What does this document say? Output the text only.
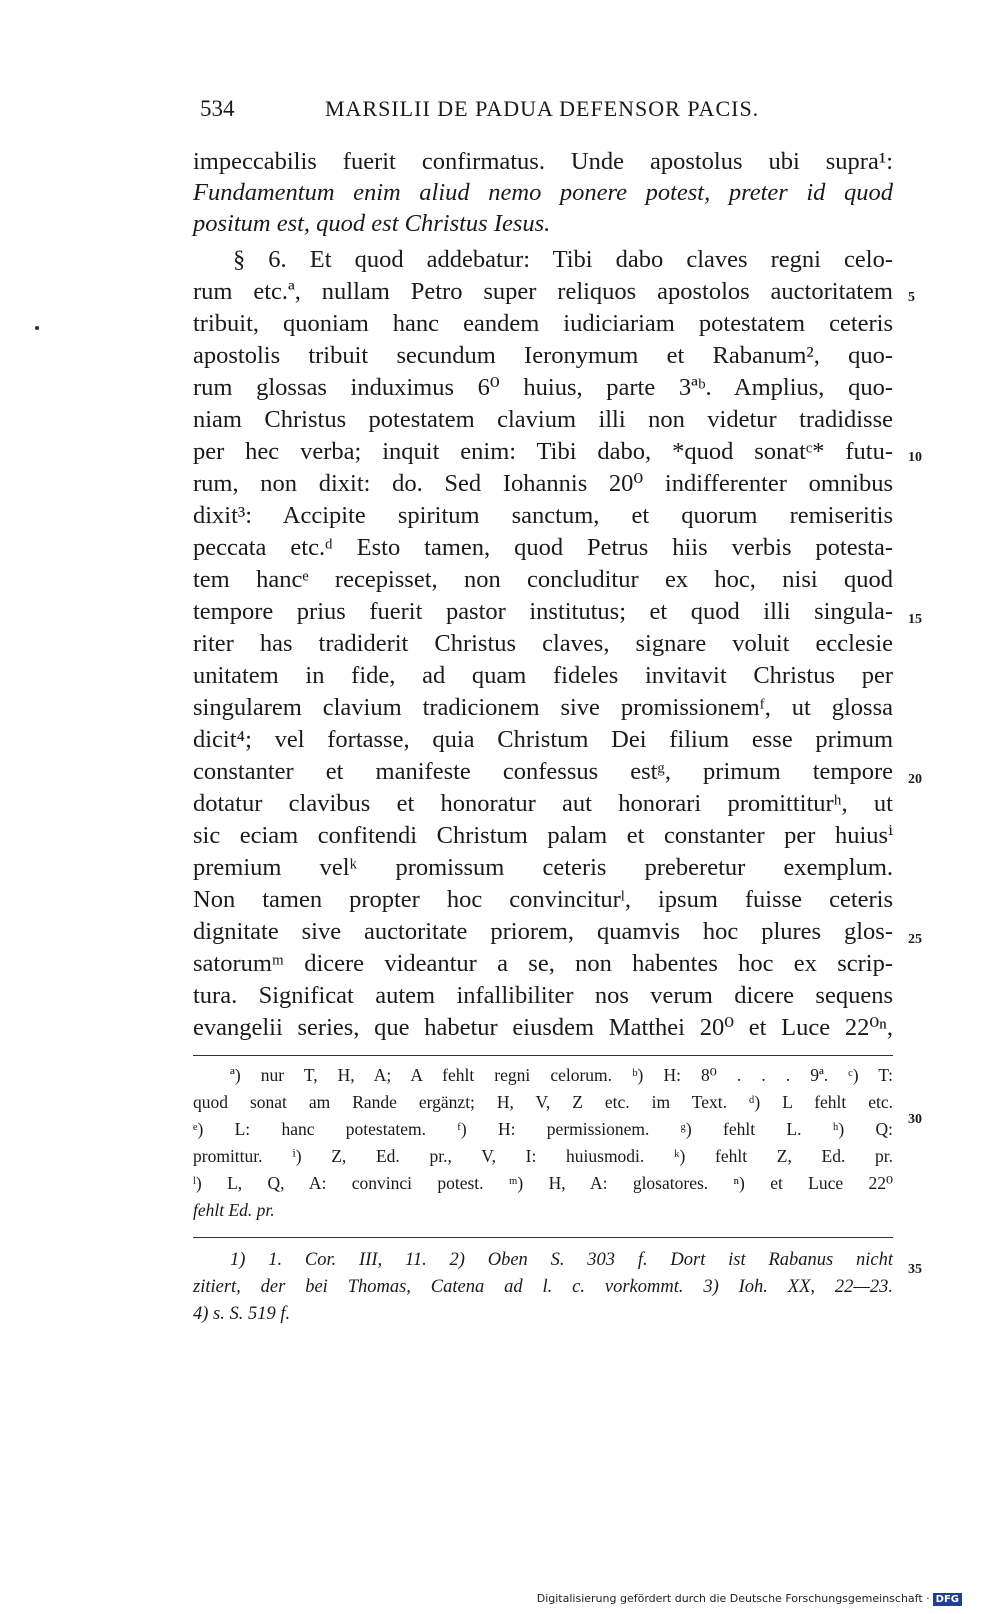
534	MARSILII DE PADUA DEFENSOR PACIS.
impeccabilis fuerit confirmatus. Unde apostolus ubi supra¹:
Fundamentum enim aliud nemo ponere potest, preter id quod
positum est, quod est Christus Iesus.
§ 6. Et quod addebatur: Tibi dabo claves regni celo-
rum etc.ª, nullam Petro super reliquos apostolos auctoritatem
tribuit, quoniam hanc eandem iudiciariam potestatem ceteris
apostolis tribuit secundum Ieronymum et Rabanum², quo-
rum glossas induximus 6⁰ huius, parte 3ªᵇ. Amplius, quo-
niam Christus potestatem clavium illi non videtur tradidisse
per hec verba; inquit enim: Tibi dabo, *quod sonatᶜ* futu-
rum, non dixit: do. Sed Iohannis 20⁰ indifferenter omnibus
dixit³: Accipite spiritum sanctum, et quorum remiseritis
peccata etc.ᵈ Esto tamen, quod Petrus hiis verbis potesta-
tem hancᵉ recepisset, non concluditur ex hoc, nisi quod
tempore prius fuerit pastor institutus; et quod illi singula-
riter has tradiderit Christus claves, signare voluit ecclesie
unitatem in fide, ad quam fideles invitavit Christus per
singularem clavium tradicionem sive promissionemᶠ, ut glossa
dicit⁴; vel fortasse, quia Christum Dei filium esse primum
constanter et manifeste confessus estᵍ, primum tempore
dotatur clavibus et honoratur aut honorari promittiturʰ, ut
sic eciam confitendi Christum palam et constanter per huiusⁱ
premium velᵏ promissum ceteris preberetur exemplum.
Non tamen propter hoc convinciturˡ, ipsum fuisse ceteris
dignitate sive auctoritate priorem, quamvis hoc plures glos-
satorumᵐ dicere videantur a se, non habentes hoc ex scrip-
tura. Significat autem infallibiliter nos verum dicere sequens
evangelii series, que habetur eiusdem Matthei 20⁰ et Luce 22⁰ⁿ,
5
10
15
20
25
30
35
ª) nur T, H, A; A fehlt regni celorum. ᵇ) H: 8⁰ . . . 9ª. ᶜ) T:
quod sonat am Rande ergänzt; H, V, Z etc. im Text. ᵈ) L fehlt etc.
ᵉ) L: hanc potestatem. ᶠ) H: permissionem. ᵍ) fehlt L. ʰ) Q:
promittur. ⁱ) Z, Ed. pr., V, I: huiusmodi. ᵏ) fehlt Z, Ed. pr.
ˡ) L, Q, A: convinci potest. ᵐ) H, A: glosatores. ⁿ) et Luce 22⁰
fehlt Ed. pr.
1) 1. Cor. III, 11. 2) Oben S. 303 f. Dort ist Rabanus nicht
zitiert, der bei Thomas, Catena ad l. c. vorkommt. 3) Ioh. XX, 22—23.
4) s. S. 519 f.
Digitalisierung gefördert durch die Deutsche Forschungsgemeinschaft · DFG
